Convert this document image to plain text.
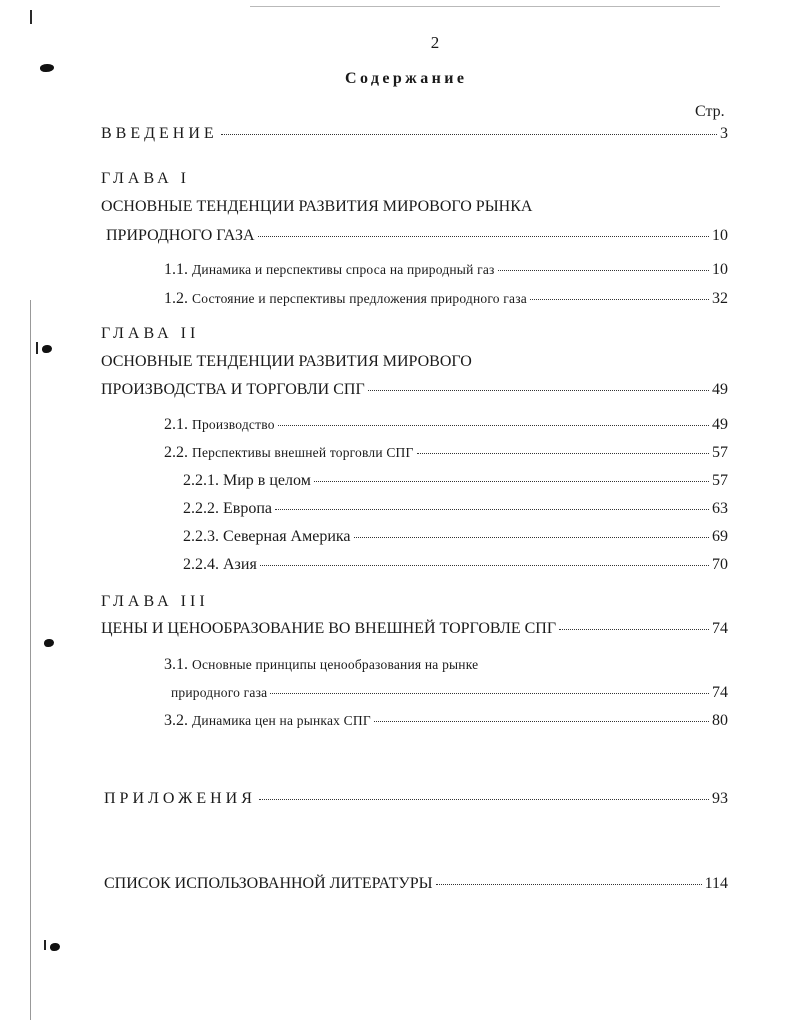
2
Содержание
Стр.
ВВЕДЕНИЕ	3
ГЛАВА I
ОСНОВНЫЕ ТЕНДЕНЦИИ РАЗВИТИЯ МИРОВОГО РЫНКА
ПРИРОДНОГО ГАЗА	10
1.1.
Динамика и перспективы спроса на природный газ	10
1.2.
Состояние и перспективы предложения природного газа	32
ГЛАВА II
ОСНОВНЫЕ ТЕНДЕНЦИИ РАЗВИТИЯ МИРОВОГО
ПРОИЗВОДСТВА И ТОРГОВЛИ СПГ	49
2.1.
Производство	49
2.2.
Перспективы внешней торговли СПГ	57
2.2.1.
Мир в целом	57
2.2.2.
Европа	63
2.2.3.
Северная Америка	69
2.2.4.
Азия	70
ГЛАВА III
ЦЕНЫ И ЦЕНООБРАЗОВАНИЕ ВО ВНЕШНЕЙ ТОРГОВЛЕ СПГ	74
3.1. Основные принципы ценообразования на рынке
природного газа	74
3.2.
Динамика цен на рынках СПГ	80
ПРИЛОЖЕНИЯ	93
СПИСОК ИСПОЛЬЗОВАННОЙ ЛИТЕРАТУРЫ	114
